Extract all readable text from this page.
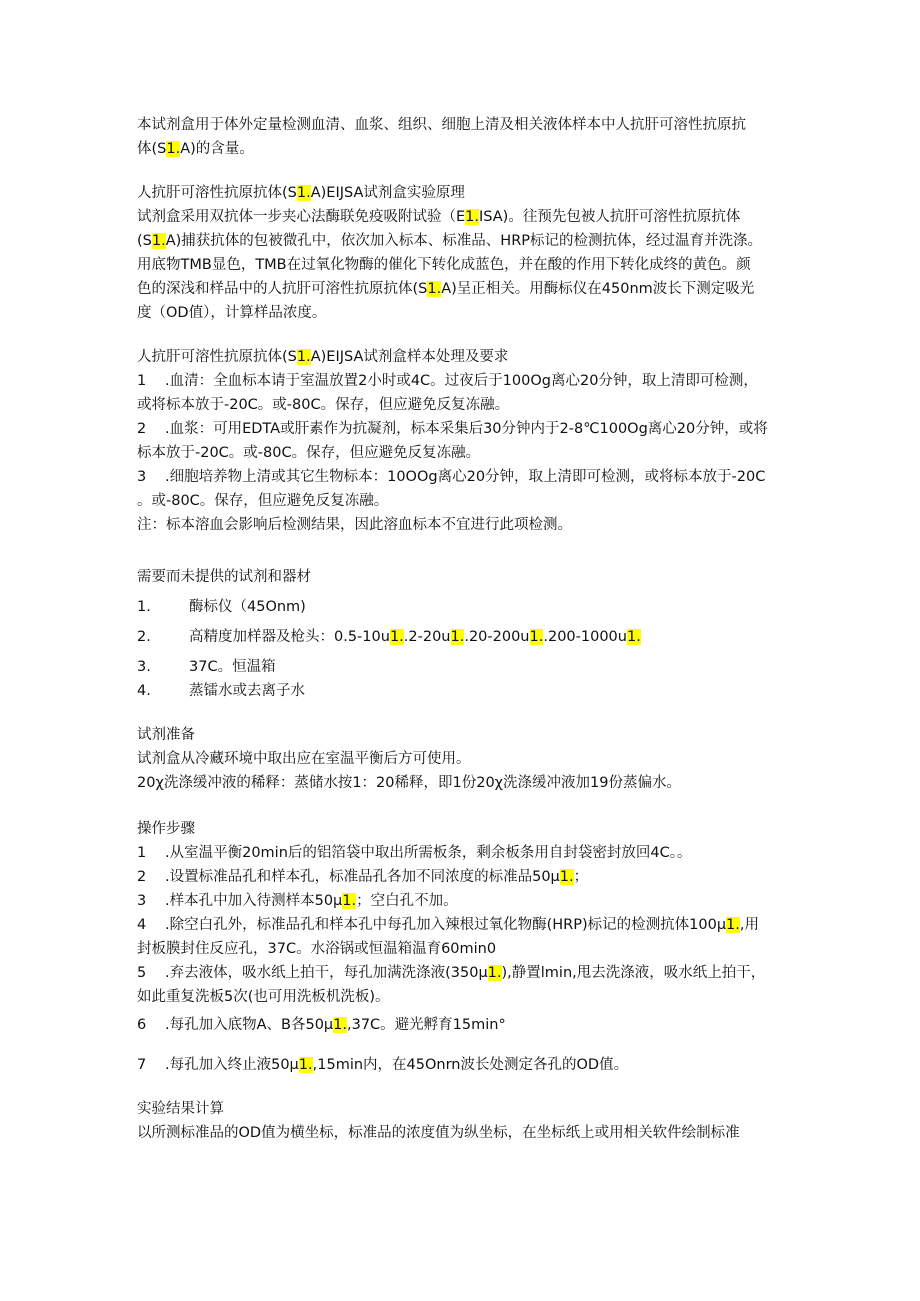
本试剂盒用于体外定量检测血清、血浆、组织、细胞上清及相关液体样本中人抗肝可溶性抗原抗
体(S1.A)的含量。
人抗肝可溶性抗原抗体(S1.A)EIJSA试剂盒实验原理
试剂盒采用双抗体一步夹心法酶联免疫吸附试验（E1.ISA)。往预先包被人抗肝可溶性抗原抗体
(S1.A)捕获抗体的包被微孔中，依次加入标本、标准品、HRP标记的检测抗体，经过温育并洗涤。
用底物TMB显色，TMB在过氧化物酶的催化下转化成蓝色，并在酸的作用下转化成终的黄色。颜
色的深浅和样品中的人抗肝可溶性抗原抗体(S1.A)呈正相关。用酶标仪在450nm波长下测定吸光
度（OD值），计算样品浓度。
人抗肝可溶性抗原抗体(S1.A)EIJSA试剂盒样本处理及要求
1 .血清：全血标本请于室温放置2小时或4C。过夜后于100Og离心20分钟，取上清即可检测，
或将标本放于-20C。或-80C。保存，但应避免反复冻融。
2 .血浆：可用EDTA或肝素作为抗凝剂，标本采集后30分钟内于2-8℃100Og离心20分钟，或将
标本放于-20C。或-80C。保存，但应避免反复冻融。
3 .细胞培养物上清或其它生物标本：10OOg离心20分钟，取上清即可检测，或将标本放于-20C
。或-80C。保存，但应避免反复冻融。
注：标本溶血会影响后检测结果，因此溶血标本不宜进行此项检测。
需要而未提供的试剂和器材
1.	酶标仪（45Onm)
2.	高精度加样器及枪头：0.5-10u1..2-20u1..20-200u1..200-1000u1.
3.	37C。恒温箱
4.	蒸镭水或去离子水
试剂准备
试剂盒从冷藏环境中取出应在室温平衡后方可使用。
20χ洗涤缓冲液的稀释：蒸储水按1：20稀释，即1份20χ洗涤缓冲液加19份蒸偏水。
操作步骤
1 .从室温平衡20min后的铝箔袋中取出所需板条，剩余板条用自封袋密封放回4C。。
2 .设置标准品孔和样本孔，标准品孔各加不同浓度的标准品50μ1.；
3 .样本孔中加入待测样本50μ1.；空白孔不加。
4 .除空白孔外，标准品孔和样本孔中每孔加入辣根过氧化物酶(HRP)标记的检测抗体100μ1.,用
封板膜封住反应孔，37C。水浴锅或恒温箱温育60min0
5 .弃去液体，吸水纸上拍干，每孔加满洗涤液(350μ1.),静置lmin,甩去洗涤液，吸水纸上拍干，
如此重复洗板5次(也可用洗板机洗板)。
6 .每孔加入底物A、B各50μ1.,37C。避光孵育15min°
7 .每孔加入终止液50μ1.,15min内，在45Onrn波长处测定各孔的OD值。
实验结果计算
以所测标准品的OD值为横坐标，标准品的浓度值为纵坐标，在坐标纸上或用相关软件绘制标准
